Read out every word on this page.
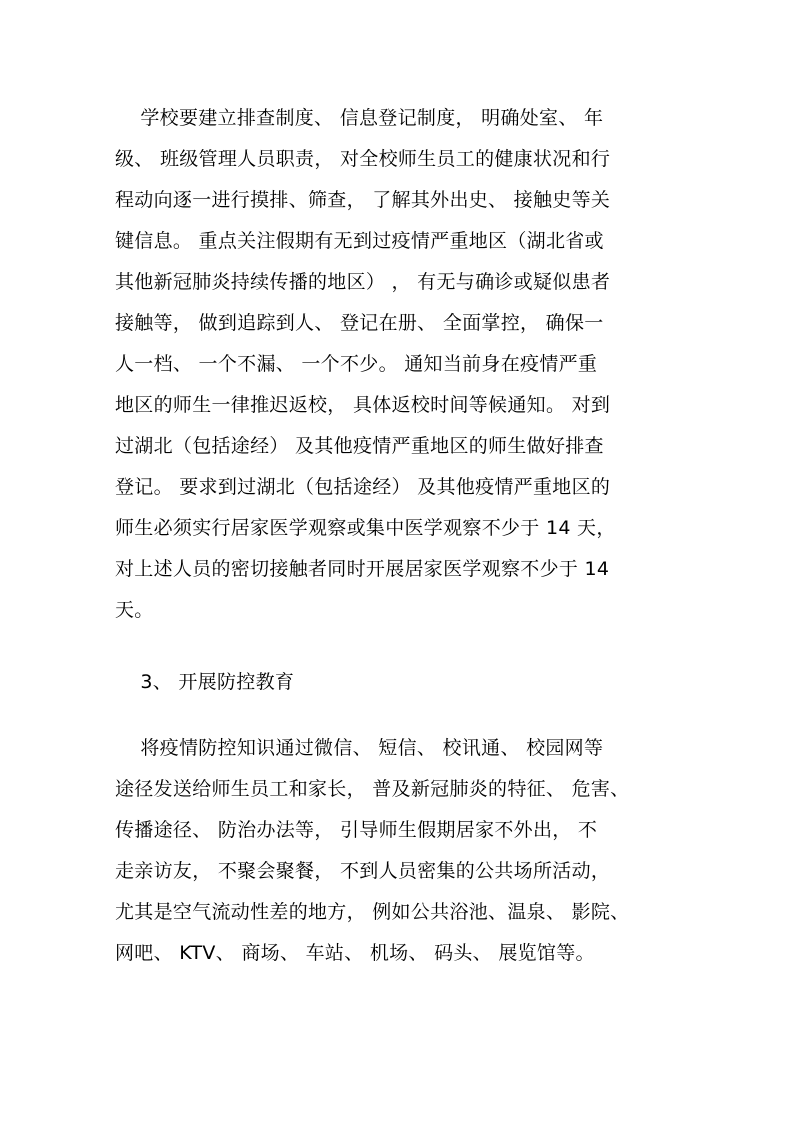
学校要建立排查制度、 信息登记制度， 明确处室、 年
级、 班级管理人员职责， 对全校师生员工的健康状况和行
程动向逐一进行摸排、筛查， 了解其外出史、 接触史等关
键信息。 重点关注假期有无到过疫情严重地区（湖北省或
其他新冠肺炎持续传播的地区） ， 有无与确诊或疑似患者
接触等， 做到追踪到人、 登记在册、 全面掌控， 确保一
人一档、 一个不漏、 一个不少。 通知当前身在疫情严重
地区的师生一律推迟返校， 具体返校时间等候通知。 对到
过湖北（包括途经） 及其他疫情严重地区的师生做好排查
登记。 要求到过湖北（包括途经） 及其他疫情严重地区的
师生必须实行居家医学观察或集中医学观察不少于 14 天，
对上述人员的密切接触者同时开展居家医学观察不少于 14
天。
3、 开展防控教育
将疫情防控知识通过微信、 短信、 校讯通、 校园网等
途径发送给师生员工和家长， 普及新冠肺炎的特征、 危害、
传播途径、 防治办法等， 引导师生假期居家不外出， 不
走亲访友， 不聚会聚餐， 不到人员密集的公共场所活动，
尤其是空气流动性差的地方， 例如公共浴池、温泉、 影院、
网吧、 KTV、 商场、 车站、 机场、 码头、 展览馆等。
